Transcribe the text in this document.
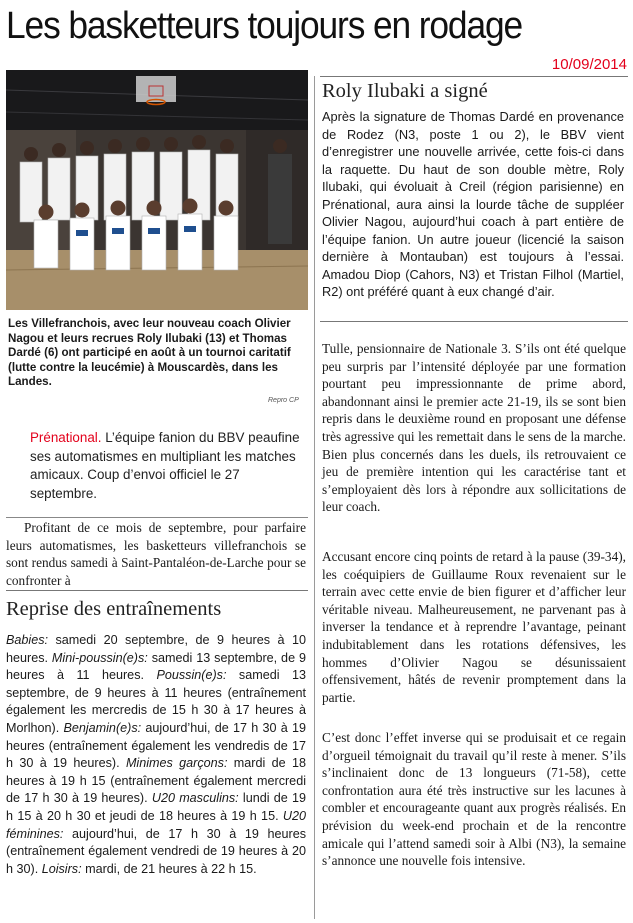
Les basketteurs toujours en rodage
10/09/2014
Les Villefranchois, avec leur nouveau coach Olivier Nagou et leurs recrues Roly Ilubaki (13) et Thomas Dardé (6) ont participé en août à un tournoi caritatif (lutte contre la leucémie) à Mouscardès, dans les Landes.
Repro CP
Prénational. L’équipe fanion du BBV peaufine ses automatismes en multipliant les matches amicaux. Coup d’envoi officiel le 27 septembre.
Profitant de ce mois de septembre, pour parfaire leurs automatismes, les basketteurs villefranchois se sont rendus samedi à Saint-Pantaléon-de-Larche pour se confronter à
Reprise des entraînements
Babies: samedi 20 septembre, de 9 heures à 10 heures. Mini-poussin(e)s: samedi 13 septembre, de 9 heures à 11 heures. Poussin(e)s: samedi 13 septembre, de 9 heures à 11 heures (entraînement également les mercredis de 15 h 30 à 17 heures à Morlhon). Benjamin(e)s: aujourd’hui, de 17 h 30 à 19 heures (entraînement également les vendredis de 17 h 30 à 19 heures). Minimes garçons: mardi de 18 heures à 19 h 15 (entraînement également mercredi de 17 h 30 à 19 heures). U20 masculins: lundi de 19 h 15 à 20 h 30 et jeudi de 18 heures à 19 h 15. U20 féminines: aujourd’hui, de 17 h 30 à 19 heures (entraînement également vendredi de 19 heures à 20 h 30). Loisirs: mardi, de 21 heures à 22 h 15.
Roly Ilubaki a signé
Après la signature de Thomas Dardé en provenance de Rodez (N3, poste 1 ou 2), le BBV vient d’enregistrer une nouvelle arrivée, cette fois-ci dans la raquette. Du haut de son double mètre, Roly Ilubaki, qui évoluait à Creil (région parisienne) en Prénational, aura ainsi la lourde tâche de suppléer Olivier Nagou, aujourd’hui coach à part entière de l’équipe fanion. Un autre joueur (licencié la saison dernière à Montauban) est toujours à l’essai. Amadou Diop (Cahors, N3) et Tristan Filhol (Martiel, R2) ont préféré quant à eux changé d’air.
Tulle, pensionnaire de Nationale 3. S’ils ont été quelque peu surpris par l’intensité déployée par une formation pourtant peu impressionnante de prime abord, abandonnant ainsi le premier acte 21-19, ils se sont bien repris dans le deuxième round en proposant une défense très agressive qui les remettait dans le sens de la marche. Bien plus concernés dans les duels, ils retrouvaient ce jeu de première intention qui les caractérise tant et s’employaient dès lors à répondre aux sollicitations de leur coach.
Accusant encore cinq points de retard à la pause (39-34), les coéquipiers de Guillaume Roux revenaient sur le terrain avec cette envie de bien figurer et d’afficher leur véritable niveau. Malheureusement, ne parvenant pas à inverser la tendance et à reprendre l’avantage, peinant indubitablement dans les rotations défensives, les hommes d’Olivier Nagou se désunissaient offensivement, hâtés de revenir promptement dans la partie.
C’est donc l’effet inverse qui se produisait et ce regain d’orgueil témoignait du travail qu’il reste à mener. S’ils s’inclinaient donc de 13 longueurs (71-58), cette confrontation aura été très instructive sur les lacunes à combler et encourageante quant aux progrès réalisés. En prévision du week-end prochain et de la rencontre amicale qui l’attend samedi soir à Albi (N3), la semaine s’annonce une nouvelle fois intensive.
